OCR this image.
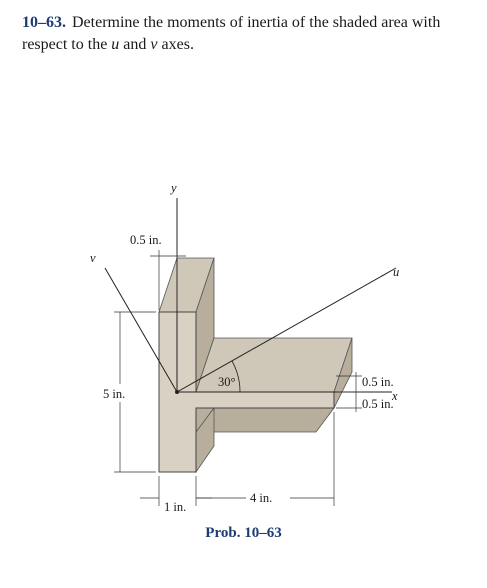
10–63. Determine the moments of inertia of the shaded area with respect to the u and v axes.
y
x
u
v
30°
0.5 in.
5 in.
1 in.
4 in.
0.5 in.
0.5 in.
Prob. 10–63
